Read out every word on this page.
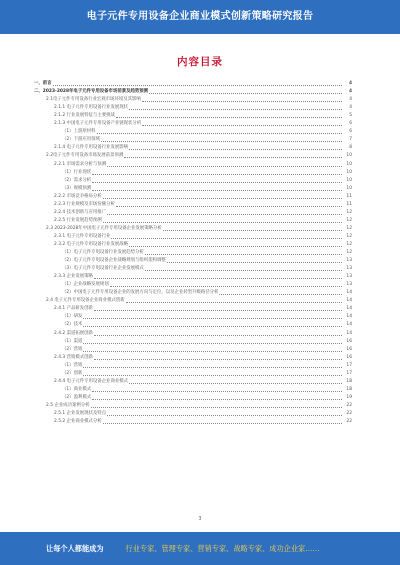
电子元件专用设备企业商业模式创新策略研究报告
内容目录
一、前言	4
二、2023-2028年电子元件专用设备市场前景及趋势预测	4
2.1电子元件专用设备行业宏观市场环境及其影响	4
2.1.1 电子元件专用设备行业发展现状	4
2.1.2 行业发展特征与主要挑战	5
2.1.3 中国电子元件专用设备产业链现状分析	6
（1）上游原材料	6
（2）下游应用领域	7
2.1.4 电子元件专用设备行业发展影响	8
2.2电子元件专用设备市场发展前景预测	10
2.2.1 市场需求分析与预测	10
（1）行业现状	10
（2）需求分析	10
（3）规模预测	10
2.2.2 市场竞争格局分析	11
2.2.3 行业规模及市场份额分析	11
2.2.4 技术创新与应用推广	12
2.2.5 行业发展趋势预测	12
2.3 2023-2028年中国电子元件专用设备企业发展策略分析	12
2.3.1 电子元件专用设备行业	12
2.3.2 电子元件专用设备行业发展战略	12
（1）电子元件专用设备行业发展趋势分析	12
（2）电子元件专用设备企业战略规划与组织架构调整	13
（3）电子元件专用设备行业企业发展模式	13
2.3.3 企业发展策略	13
（1）企业战略发展规划	13
（2）中国电子元件专用设备企业的发展方向与定位，以及企业转型升级路径分析	14
2.4 电子元件专用设备企业商业模式创新	14
2.4.1 产品研发创新	14
（1）研发	14
（2）技术	14
2.4.2 渠道拓展创新	14
（1）渠道	16
（2）营销	16
2.4.3 营销模式创新	16
（1）营销	17
（2）创新	17
2.4.4 电子元件专用设备企业商业模式	18
（1）商业模式	18
（2）盈利模式	19
2.5 企业成功案例分析	22
2.5.1 企业发展现状及特点	22
2.5.2 企业商业模式分析	22
3
让每个人都能成为	行业专家、管理专家、营销专家、战略专家、成功企业家……
